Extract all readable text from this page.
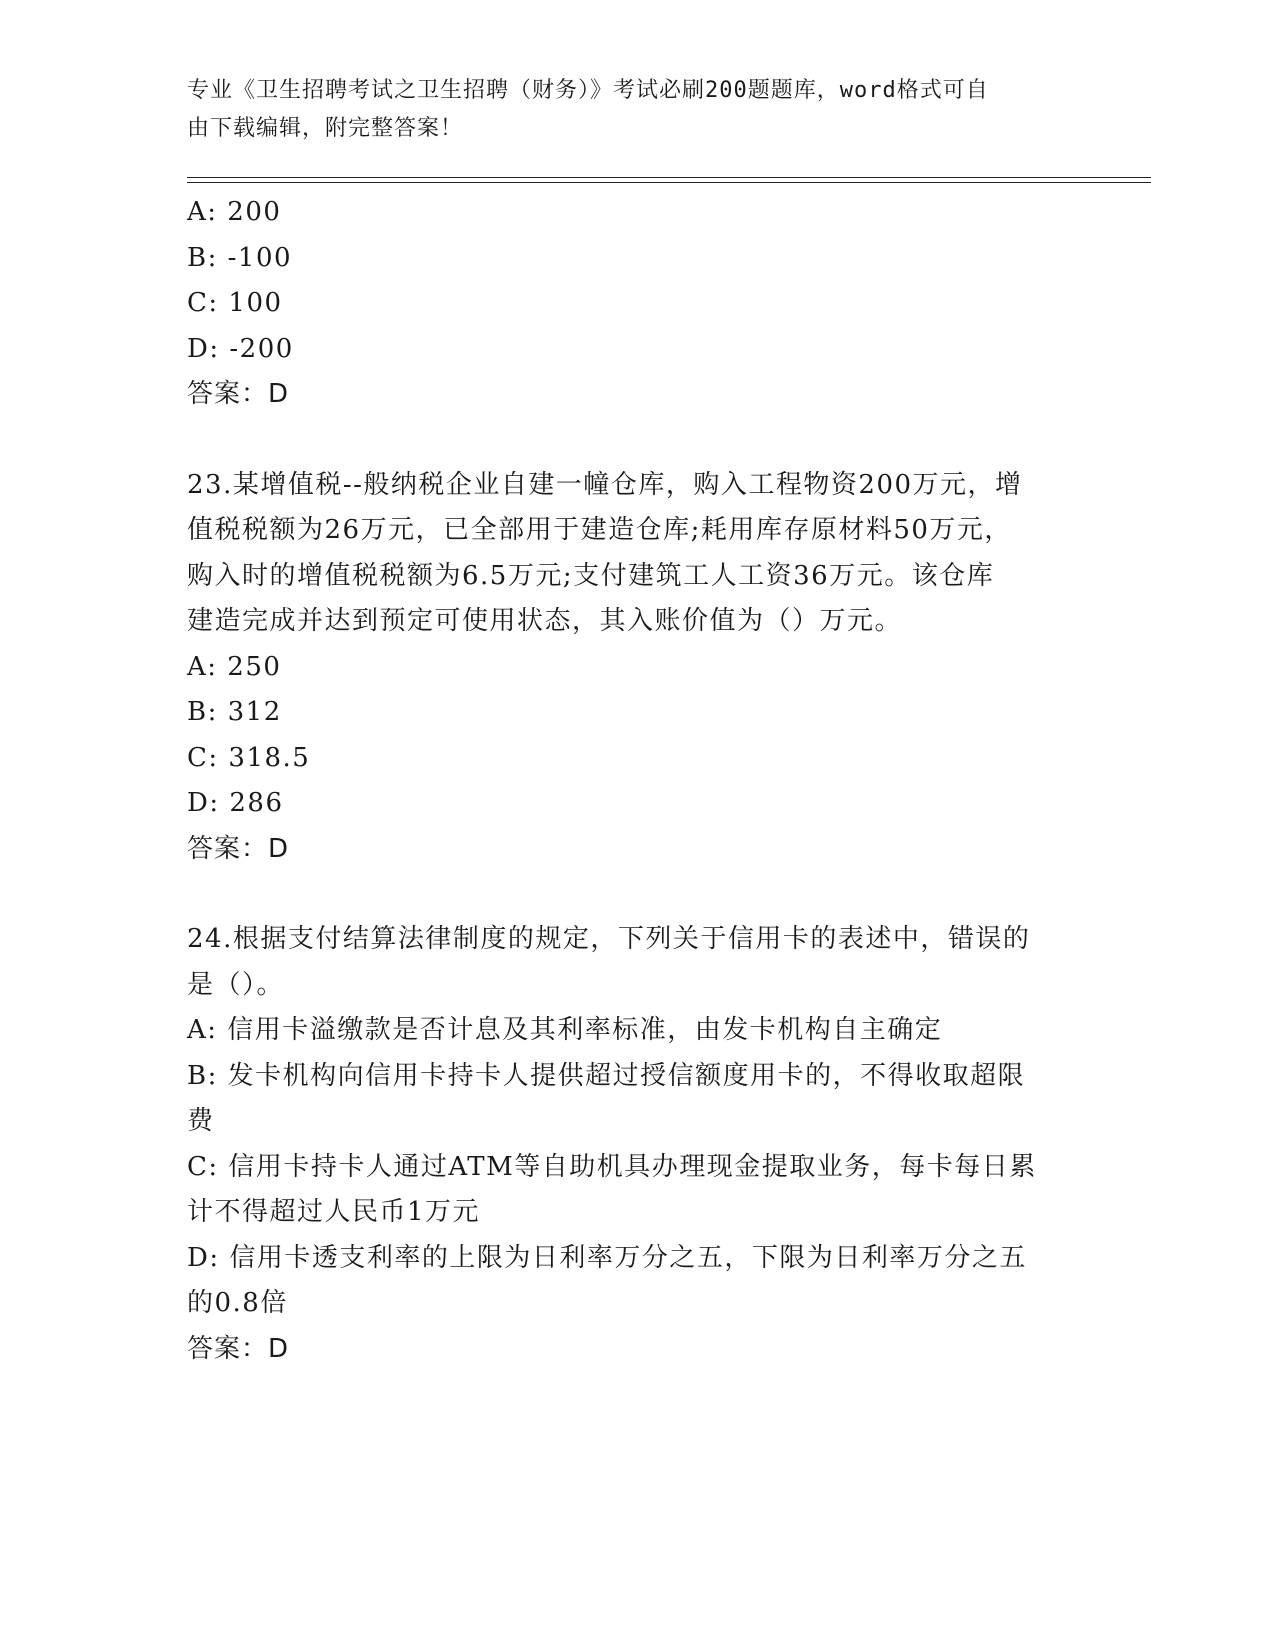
专业《卫生招聘考试之卫生招聘（财务）》考试必刷200题题库，word格式可自
由下载编辑，附完整答案！

A: 200

B: -100

C: 100

D: -200

答案：D

23.某增值税--般纳税企业自建一幢仓库，购入工程物资200万元，增

值税税额为26万元，已全部用于建造仓库;耗用库存原材料50万元，

购入时的增值税税额为6.5万元;支付建筑工人工资36万元。该仓库

建造完成并达到预定可使用状态，其入账价值为（）万元。

A: 250

B: 312

C: 318.5

D: 286

答案：D

24.根据支付结算法律制度的规定，下列关于信用卡的表述中，错误的

是（）。

A: 信用卡溢缴款是否计息及其利率标准，由发卡机构自主确定

B: 发卡机构向信用卡持卡人提供超过授信额度用卡的，不得收取超限

费

C: 信用卡持卡人通过ATM等自助机具办理现金提取业务，每卡每日累

计不得超过人民币1万元

D: 信用卡透支利率的上限为日利率万分之五，下限为日利率万分之五

的0.8倍

答案：D
